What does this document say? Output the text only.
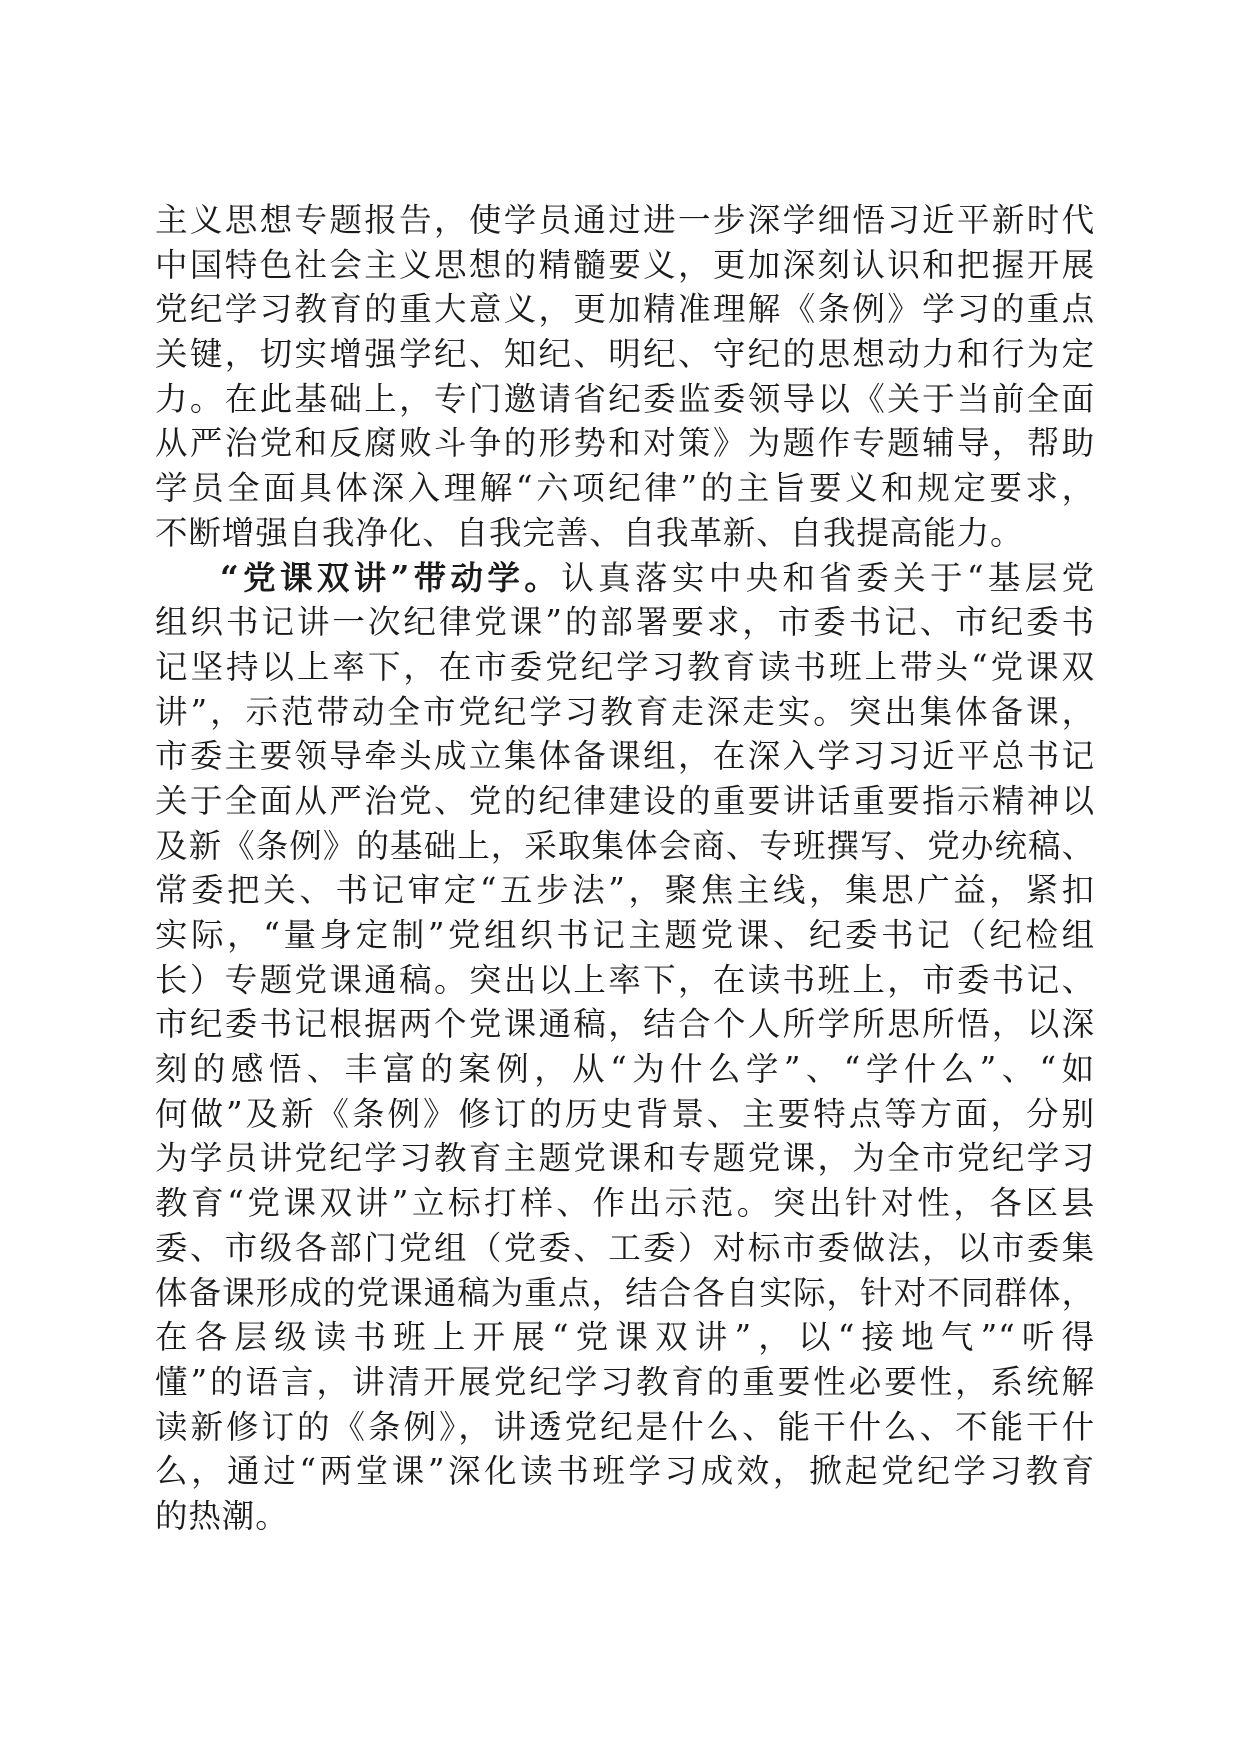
主义思想专题报告，使学员通过进一步深学细悟习近平新时代
中国特色社会主义思想的精髓要义，更加深刻认识和把握开展
党纪学习教育的重大意义，更加精准理解《条例》学习的重点
关键，切实增强学纪、知纪、明纪、守纪的思想动力和行为定
力。在此基础上，专门邀请省纪委监委领导以《关于当前全面
从严治党和反腐败斗争的形势和对策》为题作专题辅导，帮助
学员全面具体深入理解“六项纪律”的主旨要义和规定要求，
不断增强自我净化、自我完善、自我革新、自我提高能力。
“党课双讲”带动学。认真落实中央和省委关于“基层党
组织书记讲一次纪律党课”的部署要求，市委书记、市纪委书
记坚持以上率下，在市委党纪学习教育读书班上带头“党课双
讲”，示范带动全市党纪学习教育走深走实。突出集体备课，
市委主要领导牵头成立集体备课组，在深入学习习近平总书记
关于全面从严治党、党的纪律建设的重要讲话重要指示精神以
及新《条例》的基础上，采取集体会商、专班撰写、党办统稿、
常委把关、书记审定“五步法”，聚焦主线，集思广益，紧扣
实际，“量身定制”党组织书记主题党课、纪委书记（纪检组
长）专题党课通稿。突出以上率下，在读书班上，市委书记、
市纪委书记根据两个党课通稿，结合个人所学所思所悟，以深
刻的感悟、丰富的案例，从“为什么学”、“学什么”、“如
何做”及新《条例》修订的历史背景、主要特点等方面，分别
为学员讲党纪学习教育主题党课和专题党课，为全市党纪学习
教育“党课双讲”立标打样、作出示范。突出针对性，各区县
委、市级各部门党组（党委、工委）对标市委做法，以市委集
体备课形成的党课通稿为重点，结合各自实际，针对不同群体，
在各层级读书班上开展“党课双讲”，以“接地气”“听得
懂”的语言，讲清开展党纪学习教育的重要性必要性，系统解
读新修订的《条例》，讲透党纪是什么、能干什么、不能干什
么，通过“两堂课”深化读书班学习成效，掀起党纪学习教育
的热潮。
